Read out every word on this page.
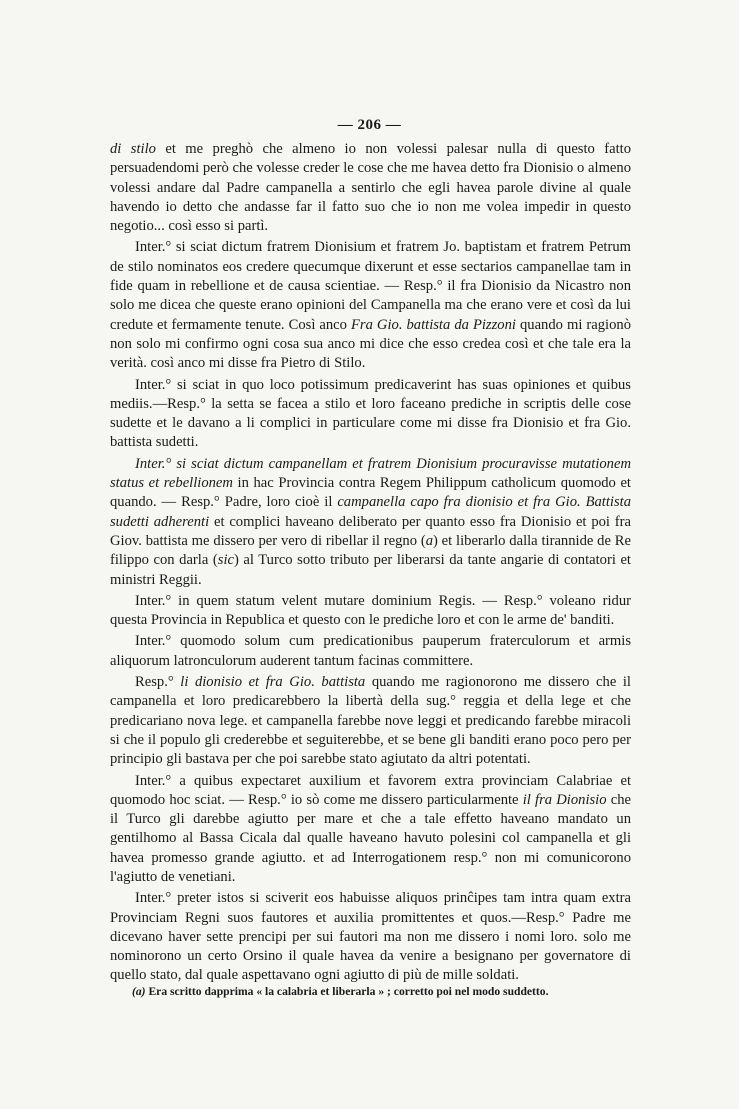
— 206 —

di stilo et me preghò che almeno io non volessi palesar nulla di questo fatto persuadendomi però che volesse creder le cose che me havea detto fra Dionisio o almeno volessi andare dal Padre campanella a sentirlo che egli havea parole divine al quale havendo io detto che andasse far il fatto suo che io non me volea impedir in questo negotio... così esso si partì.

Inter.° si sciat dictum fratrem Dionisium et fratrem Jo. baptistam et fratrem Petrum de stilo nominatos eos credere quecumque dixerunt et esse sectarios campanellae tam in fide quam in rebellione et de causa scientiae. — Resp.° il fra Dionisio da Nicastro non solo me dicea che queste erano opinioni del Campanella ma che erano vere et così da lui credute et fermamente tenute. Così anco Fra Gio. battista da Pizzoni quando mi ragionò non solo mi confirmo ogni cosa sua anco mi dice che esso credea così et che tale era la verità. così anco mi disse fra Pietro di Stilo.

Inter.° si sciat in quo loco potissimum predicaverint has suas opiniones et quibus mediis.—Resp.° la setta se facea a stilo et loro faceano prediche in scriptis delle cose sudette et le davano a li complici in particulare come mi disse fra Dionisio et fra Gio. battista sudetti.

Inter.° si sciat dictum campanellam et fratrem Dionisium procuravisse mutationem status et rebellionem in hac Provincia contra Regem Philippum catholicum quomodo et quando. — Resp.° Padre, loro cioè il campanella capo fra dionisio et fra Gio. Battista sudetti adherenti et complici haveano deliberato per quanto esso fra Dionisio et poi fra Giov. battista me dissero per vero di ribellar il regno (a) et liberarlo dalla tirannide de Re filippo con darla (sic) al Turco sotto tributo per liberarsi da tante angarie di contatori et ministri Reggii.

Inter.° in quem statum velent mutare dominium Regis. — Resp.° voleano ridur questa Provincia in Republica et questo con le prediche loro et con le arme de' banditi.

Inter.° quomodo solum cum predicationibus pauperum fraterculorum et armis aliquorum latronculorum auderent tantum facinas committere.

Resp.° li dionisio et fra Gio. battista quando me ragionorono me dissero che il campanella et loro predicarebbero la libertà della sug.° reggia et della lege et che predicariano nova lege. et campanella farebbe nove leggi et predicando farebbe miracoli si che il populo gli crederebbe et seguiterebbe, et se bene gli banditi erano poco pero per principio gli bastava per che poi sarebbe stato agiutato da altri potentati.

Inter.° a quibus expectaret auxilium et favorem extra provinciam Calabriae et quomodo hoc sciat. — Resp.° io sò come me dissero particularmente il fra Dionisio che il Turco gli darebbe agiutto per mare et che a tale effetto haveano mandato un gentilhomo al Bassa Cicala dal qualle haveano havuto polesini col campanella et gli havea promesso grande agiutto. et ad Interrogationem resp.° non mi comunicorono l'agiutto de venetiani.

Inter.° preter istos si sciverit eos habuisse aliquos prinĉipes tam intra quam extra Provinciam Regni suos fautores et auxilia promittentes et quos.—Resp.° Padre me dicevano haver sette prencipi per sui fautori ma non me dissero i nomi loro. solo me nominorono un certo Orsino il quale havea da venire a besignano per governatore di quello stato, dal quale aspettavano ogni agiutto di più de mille soldati.

(a) Era scritto dapprima « la calabria et liberarla » ; corretto poi nel modo suddetto.
